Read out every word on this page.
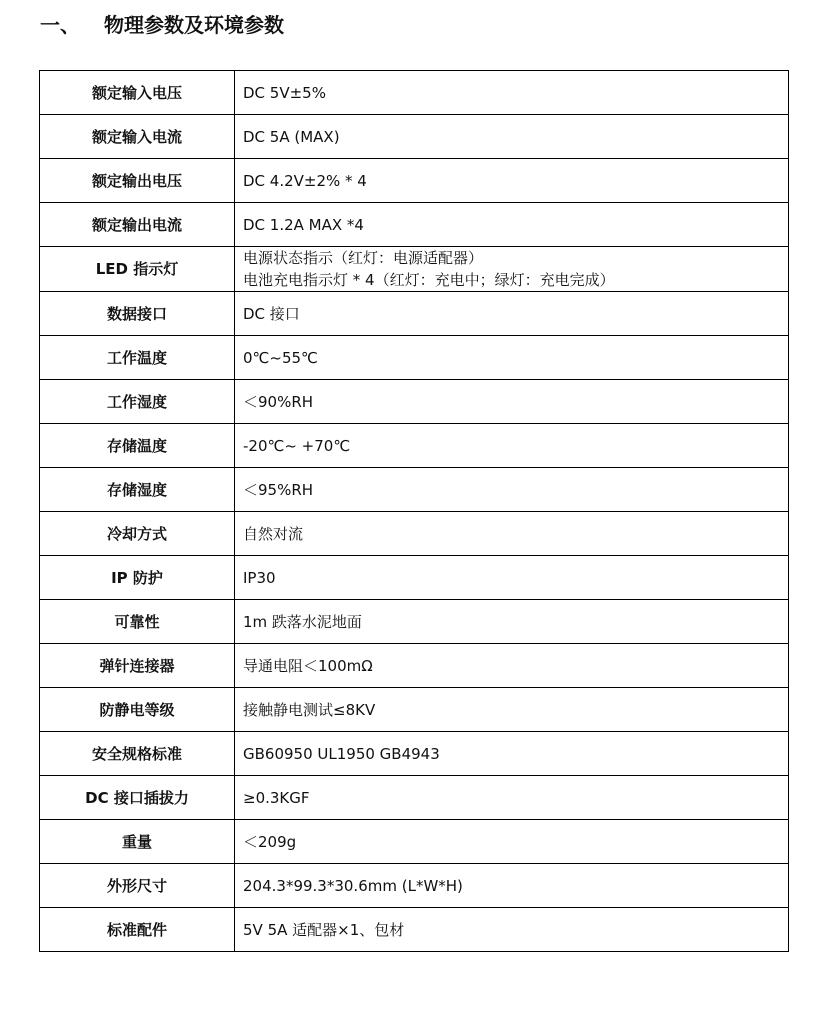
一、	物理参数及环境参数
额定输入电压	DC 5V±5%
额定输入电流	DC 5A (MAX)
额定输出电压	DC 4.2V±2% * 4
额定输出电流	DC 1.2A MAX *4
LED 指示灯	电源状态指示（红灯：电源适配器）
电池充电指示灯 * 4（红灯：充电中；绿灯：充电完成）

数据接口	DC 接口
工作温度	0℃~55℃
工作湿度	＜90%RH
存储温度	-20℃~ +70℃
存储湿度	＜95%RH
冷却方式	自然对流
IP 防护	IP30
可靠性	1m 跌落水泥地面
弹针连接器	导通电阻＜100mΩ
防静电等级	接触静电测试≤8KV
安全规格标准	GB60950 UL1950 GB4943
DC 接口插拔力	≥0.3KGF
重量	＜209g
外形尺寸	204.3*99.3*30.6mm (L*W*H)
标准配件	5V 5A 适配器×1、包材
